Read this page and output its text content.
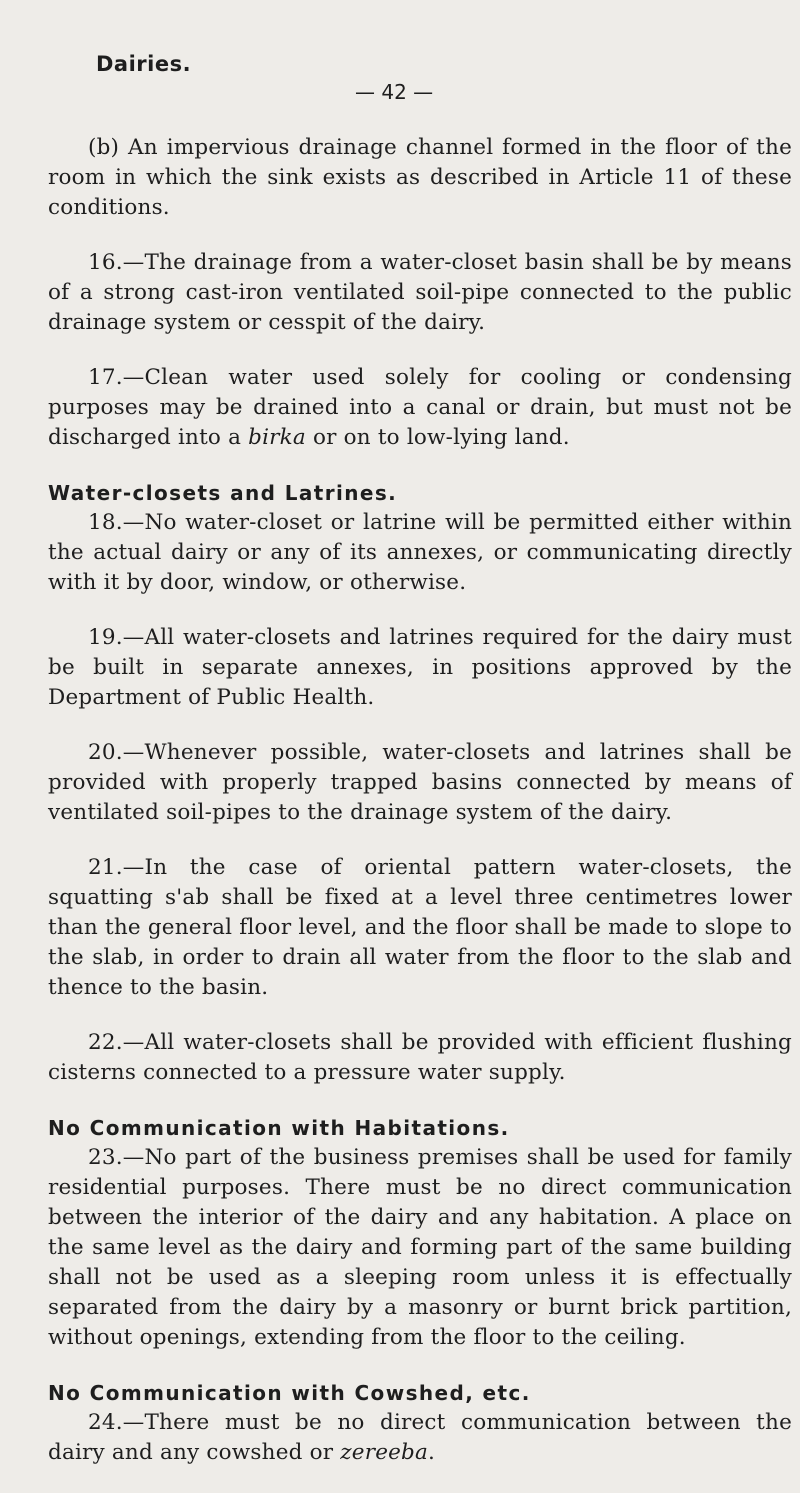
Dairies.

— 42 —

(b) An impervious drainage channel formed in the floor of the room in which the sink exists as described in Article 11 of these conditions.

16.—The drainage from a water-closet basin shall be by means of a strong cast-iron ventilated soil-pipe connected to the public drainage system or cesspit of the dairy.

17.—Clean water used solely for cooling or condensing purposes may be drained into a canal or drain, but must not be discharged into a birka or on to low-lying land.

Water-closets and Latrines.

18.—No water-closet or latrine will be permitted either within the actual dairy or any of its annexes, or communicating directly with it by door, window, or otherwise.

19.—All water-closets and latrines required for the dairy must be built in separate annexes, in positions approved by the Department of Public Health.

20.—Whenever possible, water-closets and latrines shall be provided with properly trapped basins connected by means of ventilated soil-pipes to the drainage system of the dairy.

21.—In the case of oriental pattern water-closets, the squatting s'ab shall be fixed at a level three centimetres lower than the general floor level, and the floor shall be made to slope to the slab, in order to drain all water from the floor to the slab and thence to the basin.

22.—All water-closets shall be provided with efficient flushing cisterns connected to a pressure water supply.

No Communication with Habitations.

23.—No part of the business premises shall be used for family residential purposes. There must be no direct communication between the interior of the dairy and any habitation. A place on the same level as the dairy and forming part of the same building shall not be used as a sleeping room unless it is effectually separated from the dairy by a masonry or burnt brick partition, without openings, extending from the floor to the ceiling.

No Communication with Cowshed, etc.

24.—There must be no direct communication between the dairy and any cowshed or zereeba.
